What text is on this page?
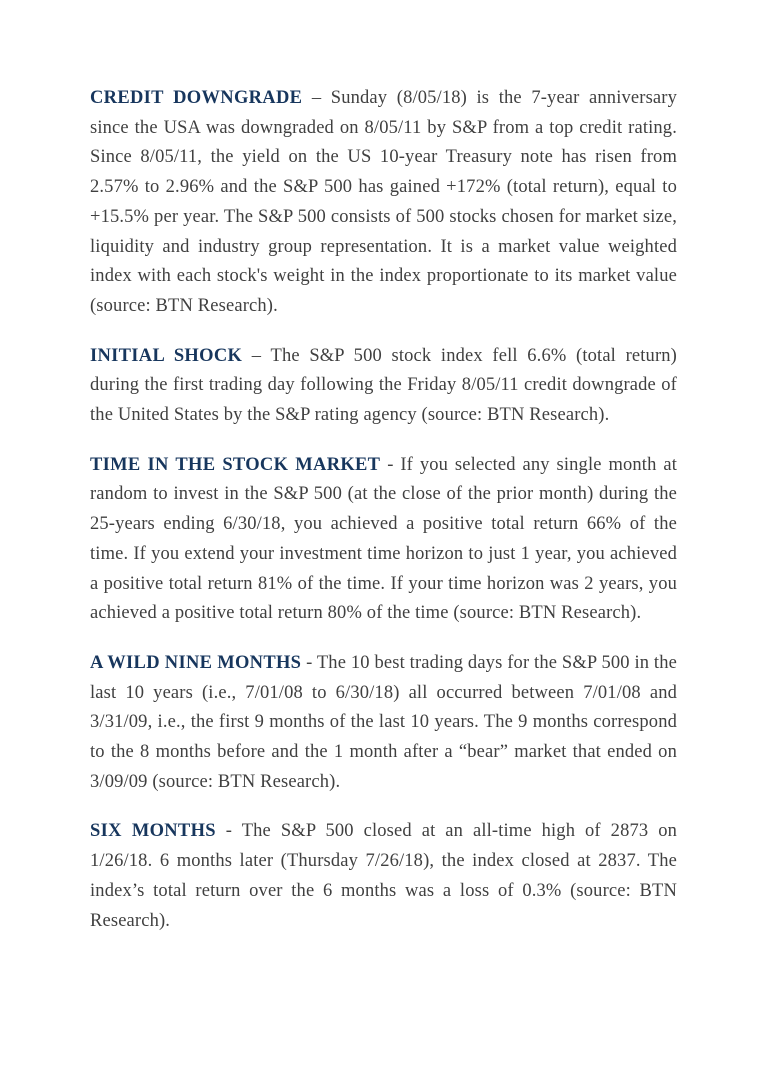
CREDIT DOWNGRADE – Sunday (8/05/18) is the 7-year anniversary since the USA was downgraded on 8/05/11 by S&P from a top credit rating. Since 8/05/11, the yield on the US 10-year Treasury note has risen from 2.57% to 2.96% and the S&P 500 has gained +172% (total return), equal to +15.5% per year. The S&P 500 consists of 500 stocks chosen for market size, liquidity and industry group representation. It is a market value weighted index with each stock's weight in the index proportionate to its market value (source: BTN Research).

INITIAL SHOCK – The S&P 500 stock index fell 6.6% (total return) during the first trading day following the Friday 8/05/11 credit downgrade of the United States by the S&P rating agency (source: BTN Research).

TIME IN THE STOCK MARKET - If you selected any single month at random to invest in the S&P 500 (at the close of the prior month) during the 25-years ending 6/30/18, you achieved a positive total return 66% of the time. If you extend your investment time horizon to just 1 year, you achieved a positive total return 81% of the time. If your time horizon was 2 years, you achieved a positive total return 80% of the time (source: BTN Research).

A WILD NINE MONTHS - The 10 best trading days for the S&P 500 in the last 10 years (i.e., 7/01/08 to 6/30/18) all occurred between 7/01/08 and 3/31/09, i.e., the first 9 months of the last 10 years. The 9 months correspond to the 8 months before and the 1 month after a “bear” market that ended on 3/09/09 (source: BTN Research).

SIX MONTHS - The S&P 500 closed at an all-time high of 2873 on 1/26/18. 6 months later (Thursday 7/26/18), the index closed at 2837. The index’s total return over the 6 months was a loss of 0.3% (source: BTN Research).
